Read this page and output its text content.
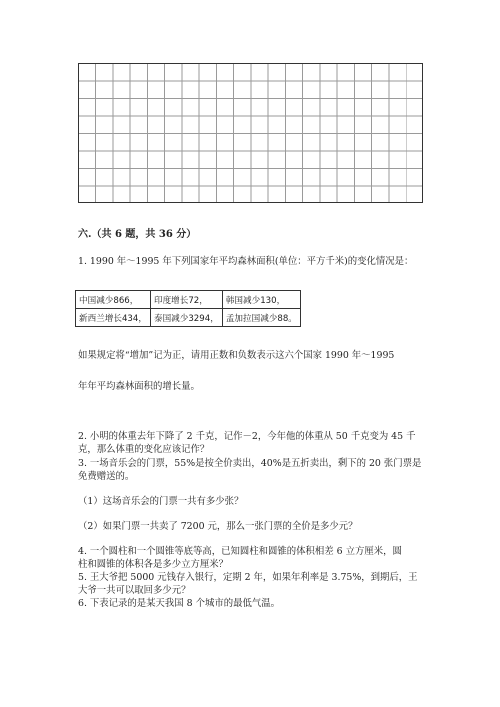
六.（共 6 题，共 36 分）
1. 1990 年～1995 年下列国家年平均森林面积(单位：平方千米)的变化情况是：
中国减少866，	印度增长72，	韩国减少130，
新西兰增长434，	泰国减少3294，	孟加拉国减少88。
如果规定将“增加”记为正，请用正数和负数表示这六个国家 1990 年～1995
年年平均森林面积的增长量。
2. 小明的体重去年下降了 2 千克，记作－2，今年他的体重从 50 千克变为 45 千
克，那么体重的变化应该记作？
3. 一场音乐会的门票，55%是按全价卖出，40%是五折卖出，剩下的 20 张门票是
免费赠送的。
（1）这场音乐会的门票一共有多少张？
（2）如果门票一共卖了 7200 元，那么一张门票的全价是多少元？
4. 一个圆柱和一个圆锥等底等高，已知圆柱和圆锥的体积相差 6 立方厘米，圆
柱和圆锥的体积各是多少立方厘米？
5. 王大爷把 5000 元钱存入银行，定期 2 年，如果年利率是 3.75%，到期后，王
大爷一共可以取回多少元？
6. 下表记录的是某天我国 8 个城市的最低气温。
